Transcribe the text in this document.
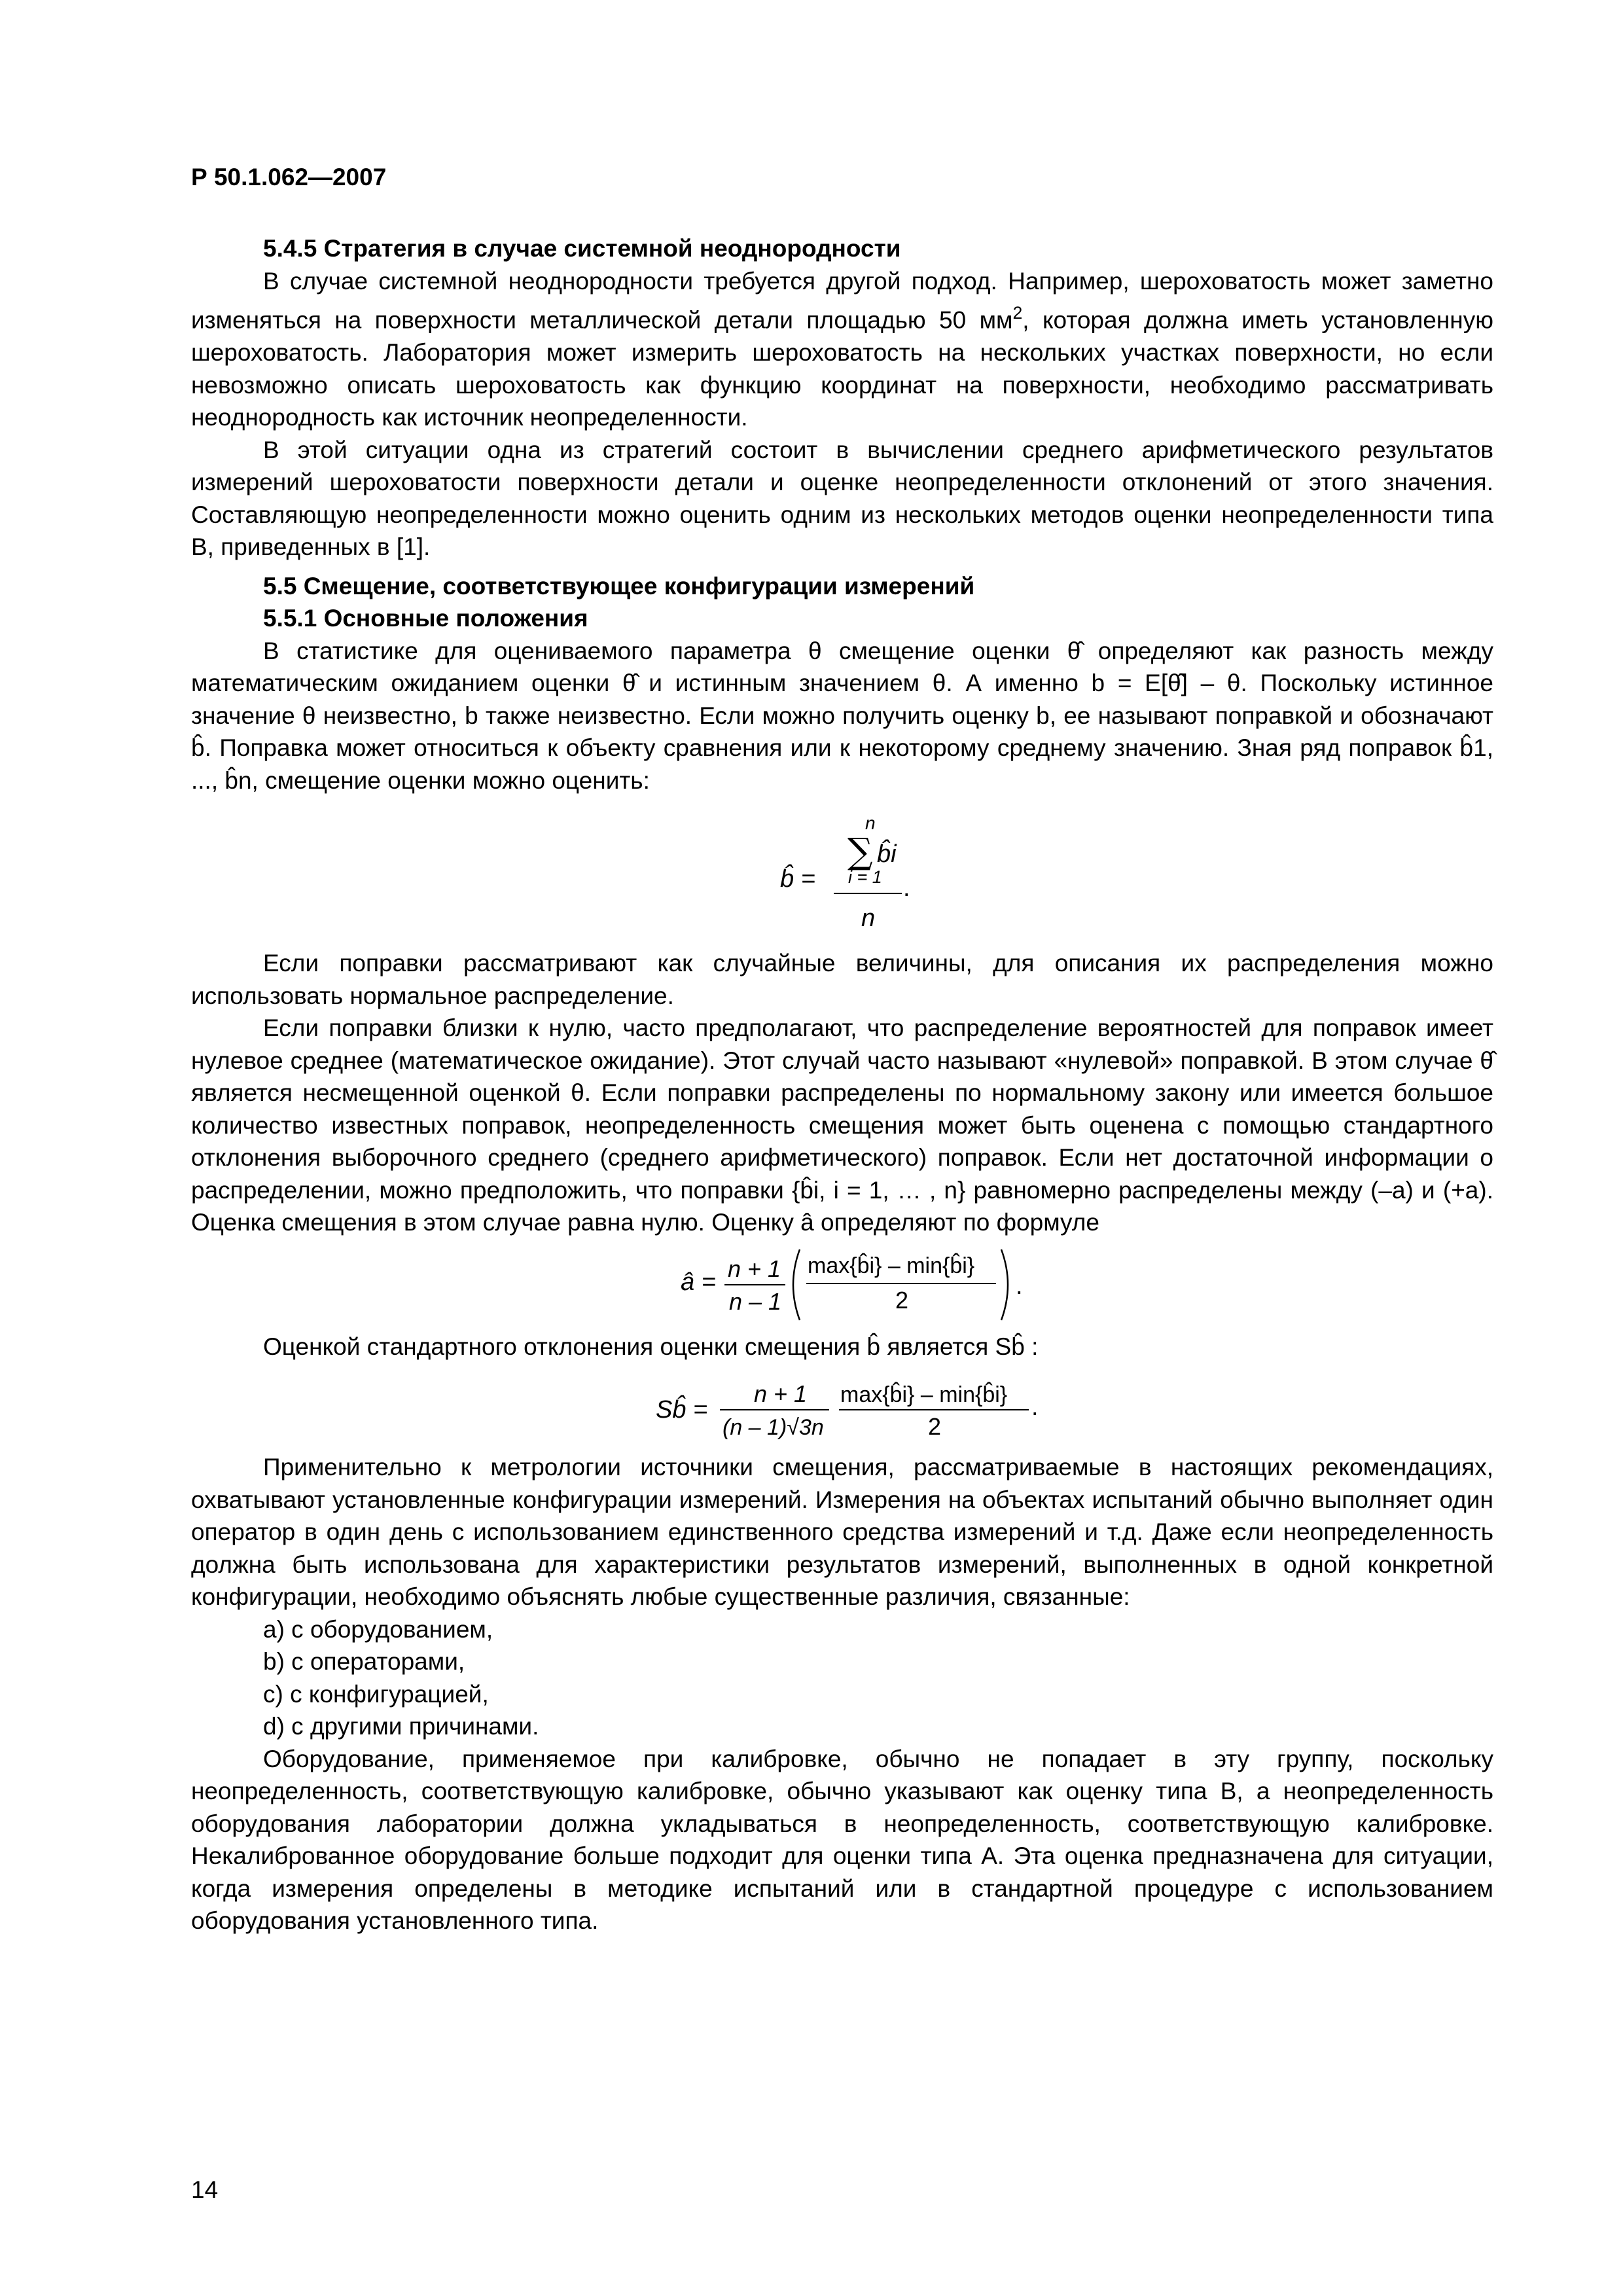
Р 50.1.062—2007
5.4.5 Стратегия в случае системной неоднородности

В случае системной неоднородности требуется другой подход. Например, шероховатость может заметно изменяться на поверхности металлической детали площадью 50 $мм^2$, которая должна иметь установленную шероховатость. Лаборатория может измерить шероховатость на нескольких участках поверхности, но если невозможно описать шероховатость как функцию координат на поверхности, необходимо рассматривать неоднородность как источник неопределенности.

В этой ситуации одна из стратегий состоит в вычислении среднего арифметического результатов измерений шероховатости поверхности детали и оценке неопределенности отклонений от этого значения. Составляющую неопределенности можно оценить одним из нескольких методов оценки неопределенности типа В, приведенных в [1].

5.5 Смещение, соответствующее конфигурации измерений
5.5.1 Основные положения

В статистике для оцениваемого параметра θ смещение оценки θ̂ определяют как разность между математическим ожиданием оценки θ̂ и истинным значением θ. А именно b = E[θ̂] – θ. Поскольку истинное значение θ неизвестно, b также неизвестно. Если можно получить оценку b, ее называют поправкой и обозначают b̂. Поправка может относиться к объекту сравнения или к некоторому среднему значению. Зная ряд поправок b̂1, ..., b̂n, смещение оценки можно оценить:

b̂ =
n
∑ b̂i
i = 1
n
.

Если поправки рассматривают как случайные величины, для описания их распределения можно использовать нормальное распределение.

Если поправки близки к нулю, часто предполагают, что распределение вероятностей для поправок имеет нулевое среднее (математическое ожидание). Этот случай часто называют «нулевой» поправкой. В этом случае θ̂ является несмещенной оценкой θ. Если поправки распределены по нормальному закону или имеется большое количество известных поправок, неопределенность смещения может быть оценена с помощью стандартного отклонения выборочного среднего (среднего арифметического) поправок. Если нет достаточной информации о распределении, можно предположить, что поправки {b̂i, i = 1, … , n} равномерно распределены между (–a) и (+a). Оценка смещения в этом случае равна нулю. Оценку â определяют по формуле

â = n + 1
n – 1
max{b̂i} – min{b̂i}
2
.

Оценкой стандартного отклонения оценки смещения b̂ является Sb̂ :

Sb̂ =
n + 1
(n – 1)√3n
max{b̂i} – min{b̂i}
2
.

Применительно к метрологии источники смещения, рассматриваемые в настоящих рекомендациях, охватывают установленные конфигурации измерений. Измерения на объектах испытаний обычно выполняет один оператор в один день с использованием единственного средства измерений и т.д. Даже если неопределенность должна быть использована для характеристики результатов измерений, выполненных в одной конкретной конфигурации, необходимо объяснять любые существенные различия, связанные:

a) с оборудованием,
b) с операторами,
c) с конфигурацией,
d) с другими причинами.

Оборудование, применяемое при калибровке, обычно не попадает в эту группу, поскольку неопределенность, соответствующую калибровке, обычно указывают как оценку типа В, а неопределенность оборудования лаборатории должна укладываться в неопределенность, соответствующую калибровке. Некалиброванное оборудование больше подходит для оценки типа А. Эта оценка предназначена для ситуации, когда измерения определены в методике испытаний или в стандартной процедуре с использованием оборудования установленного типа.

14
